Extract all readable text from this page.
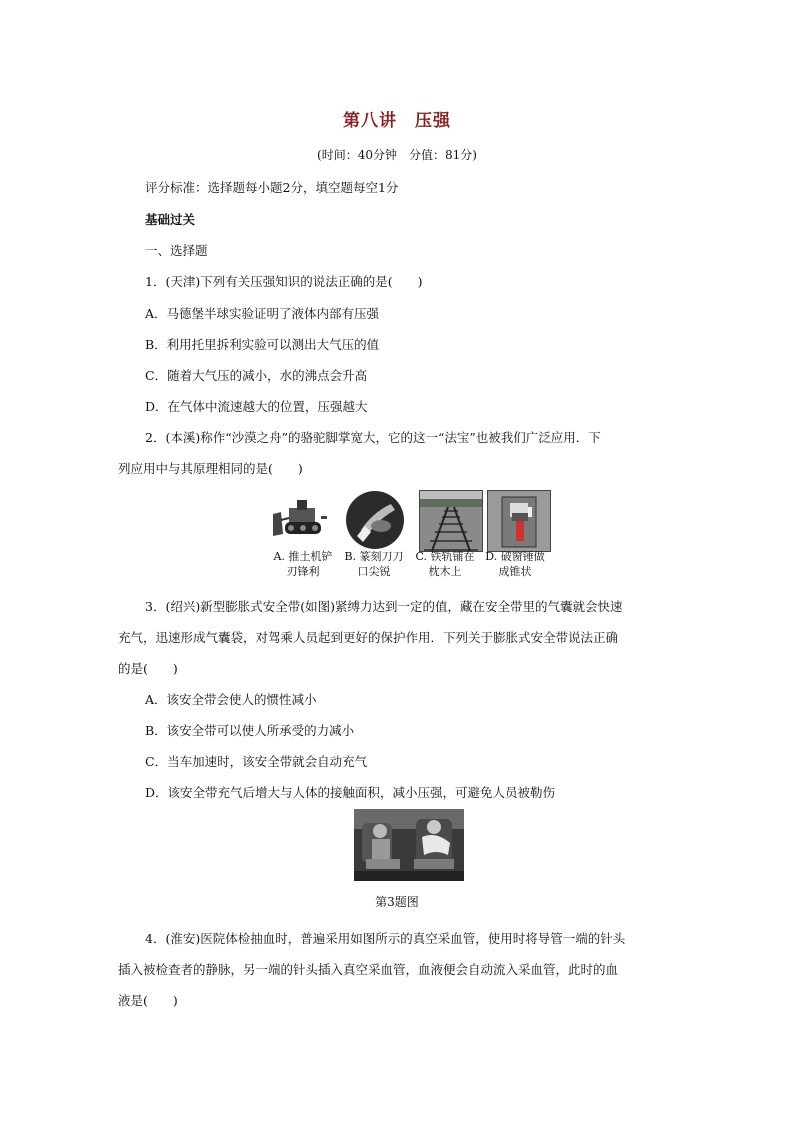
第八讲　压强
(时间：40分钟　分值：81分)
评分标准：选择题每小题2分，填空题每空1分
基础过关
一、选择题
1．(天津)下列有关压强知识的说法正确的是(　　)
A．马德堡半球实验证明了液体内部有压强
B．利用托里拆利实验可以测出大气压的值
C．随着大气压的减小，水的沸点会升高
D．在气体中流速越大的位置，压强越大
2．(本溪)称作“沙漠之舟”的骆驼脚掌宽大，它的这一“法宝”也被我们广泛应用．下
列应用中与其原理相同的是(　　)
A. 推土机铲
刃锋利
B. 篆刻刀刀
口尖锐
C. 铁轨铺在
枕木上
D. 破窗锤做
成锥状
3．(绍兴)新型膨胀式安全带(如图)紧缚力达到一定的值，藏在安全带里的气囊就会快速
充气，迅速形成气囊袋，对驾乘人员起到更好的保护作用．下列关于膨胀式安全带说法正确
的是(　　)
A．该安全带会使人的惯性减小
B．该安全带可以使人所承受的力减小
C．当车加速时，该安全带就会自动充气
D．该安全带充气后增大与人体的接触面积，减小压强，可避免人员被勒伤
第3题图
4．(淮安)医院体检抽血时，普遍采用如图所示的真空采血管，使用时将导管一端的针头
插入被检查者的静脉，另一端的针头插入真空采血管，血液便会自动流入采血管，此时的血
液是(　　)
